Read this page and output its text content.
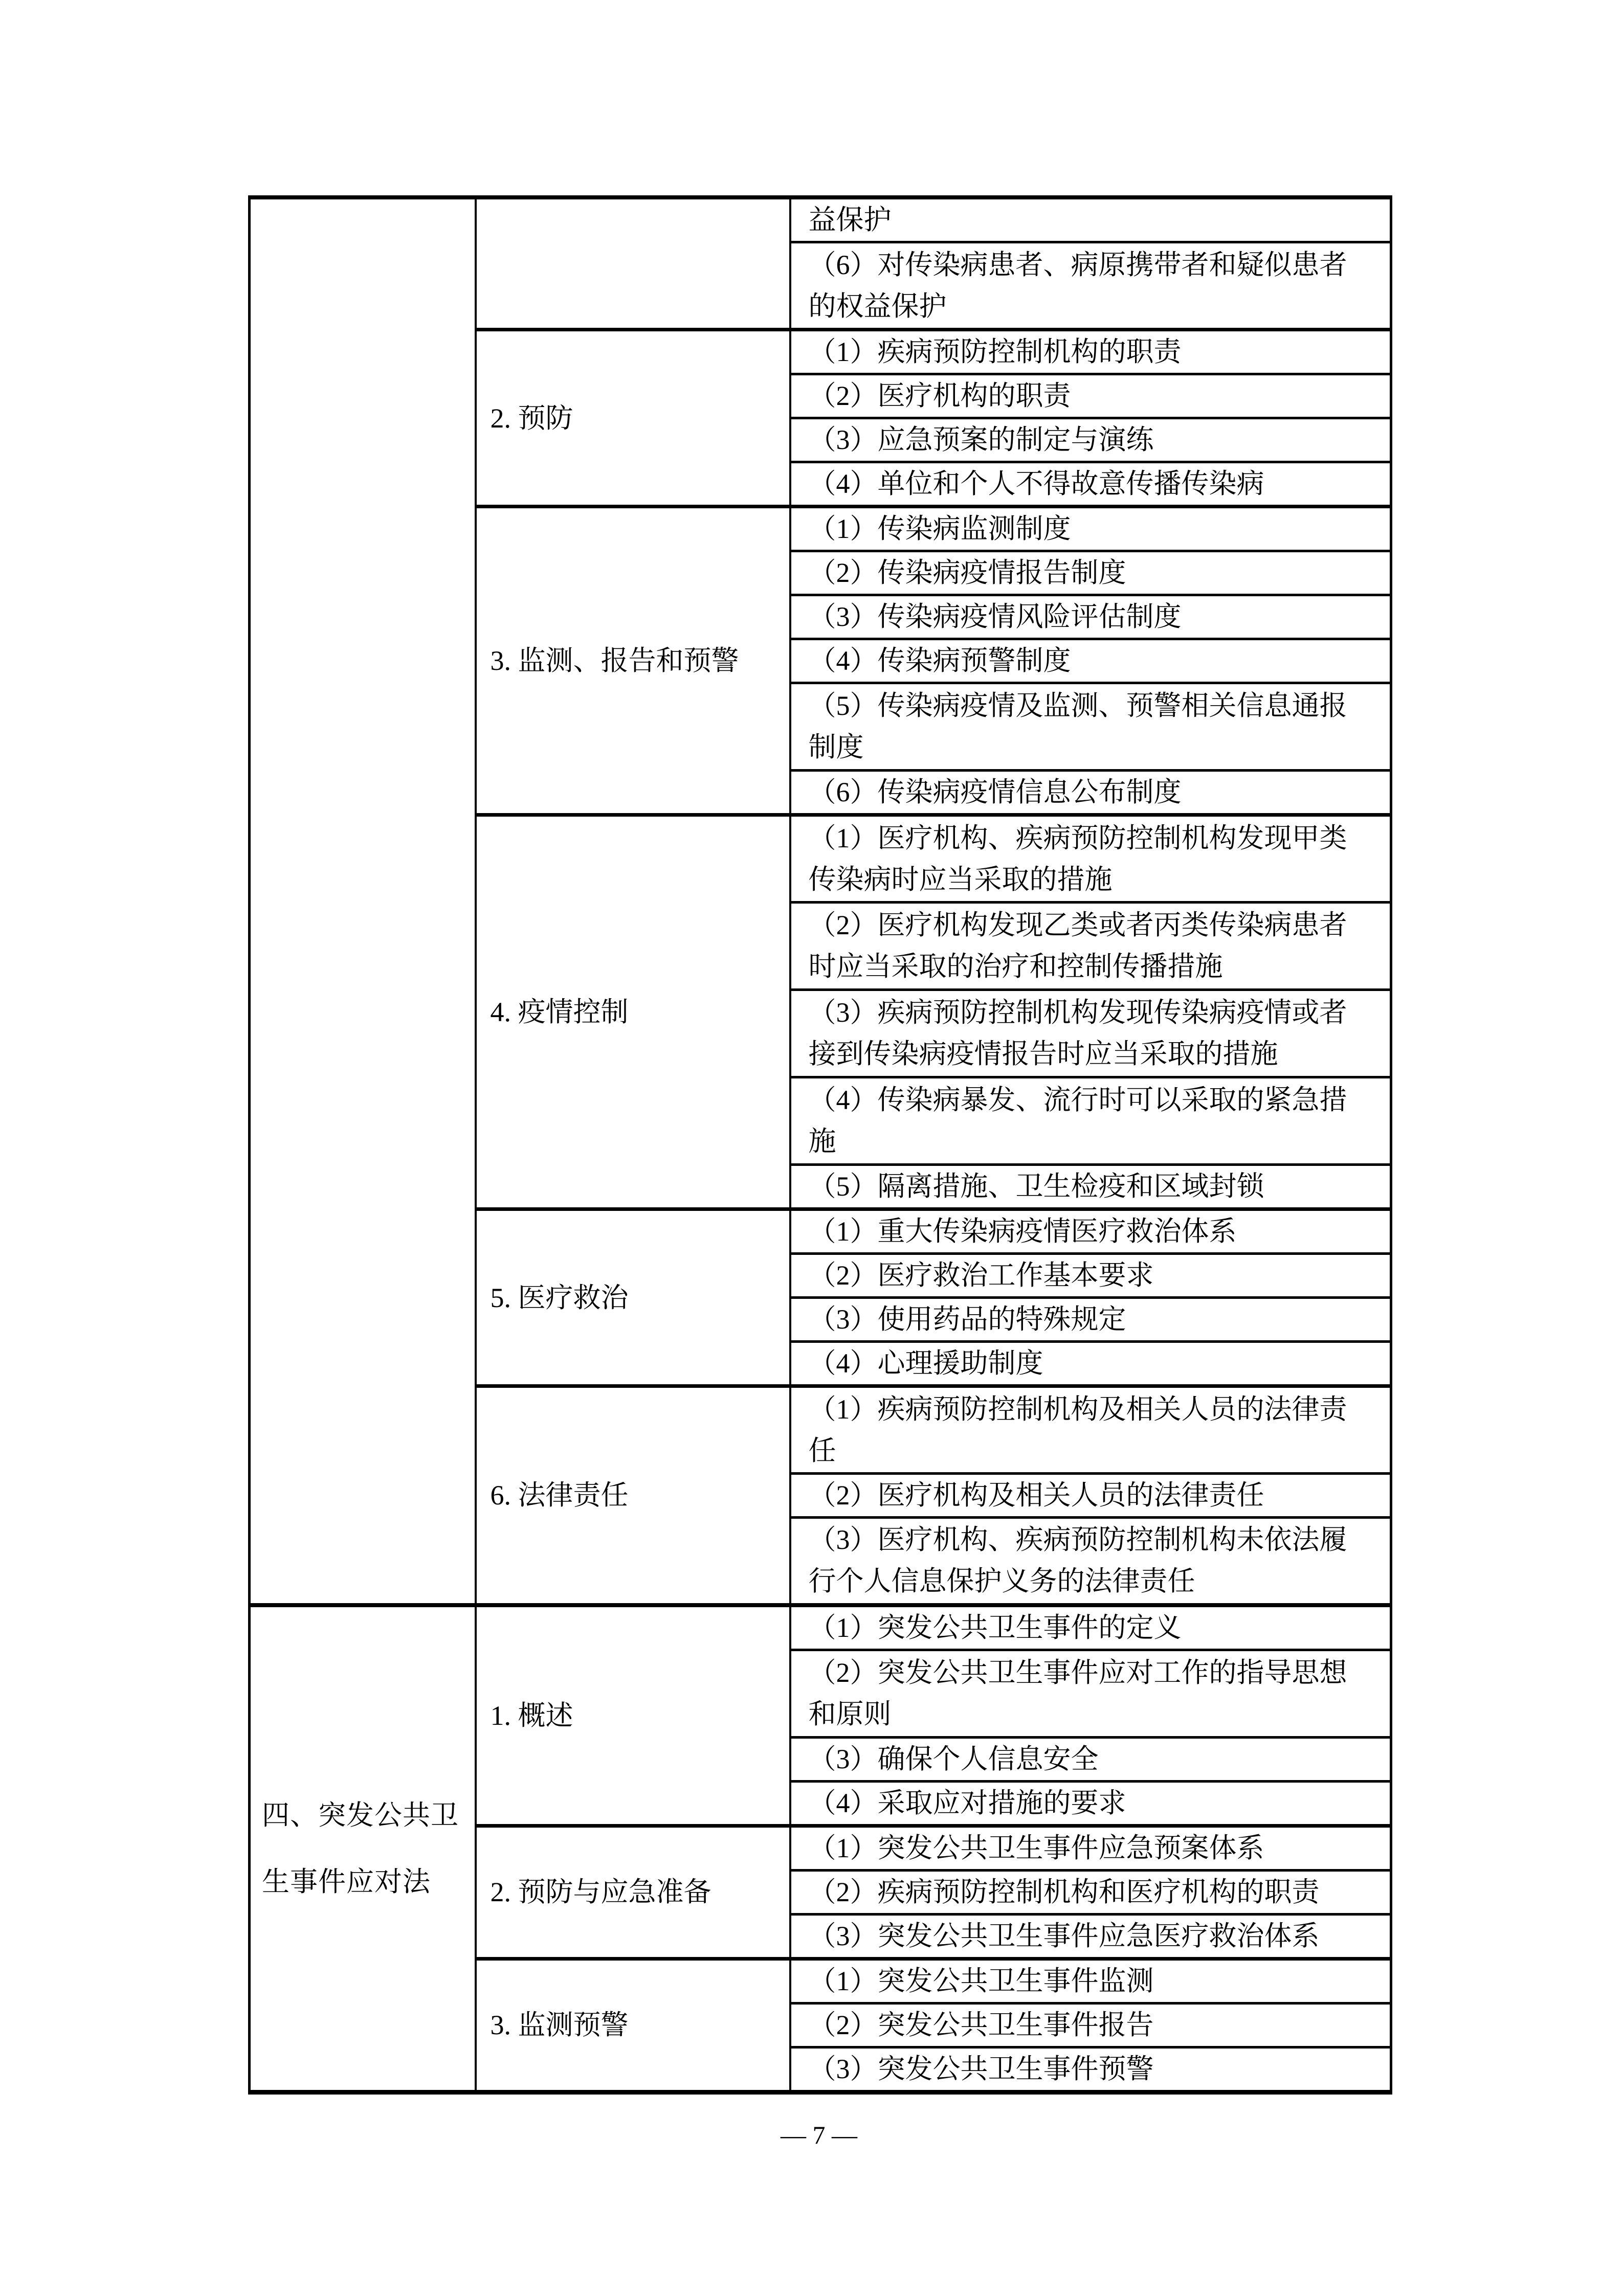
		益保护
		（6）对传染病患者、病原携带者和疑似患者
的权益保护
	2. 预防	（1）疾病预防控制机构的职责
		（2）医疗机构的职责
		（3）应急预案的制定与演练
		（4）单位和个人不得故意传播传染病
	3. 监测、报告和预警	（1）传染病监测制度
		（2）传染病疫情报告制度
		（3）传染病疫情风险评估制度
		（4）传染病预警制度
		（5）传染病疫情及监测、预警相关信息通报
制度
		（6）传染病疫情信息公布制度
	4. 疫情控制	（1）医疗机构、疾病预防控制机构发现甲类
传染病时应当采取的措施
		（2）医疗机构发现乙类或者丙类传染病患者
时应当采取的治疗和控制传播措施
		（3）疾病预防控制机构发现传染病疫情或者
接到传染病疫情报告时应当采取的措施
		（4）传染病暴发、流行时可以采取的紧急措
施
		（5）隔离措施、卫生检疫和区域封锁
	5. 医疗救治	（1）重大传染病疫情医疗救治体系
		（2）医疗救治工作基本要求
		（3）使用药品的特殊规定
		（4）心理援助制度
	6. 法律责任	（1）疾病预防控制机构及相关人员的法律责
任
		（2）医疗机构及相关人员的法律责任
		（3）医疗机构、疾病预防控制机构未依法履
行个人信息保护义务的法律责任
四、突发公共卫
生事件应对法	1. 概述	（1）突发公共卫生事件的定义
		（2）突发公共卫生事件应对工作的指导思想
和原则
		（3）确保个人信息安全
		（4）采取应对措施的要求
	2. 预防与应急准备	（1）突发公共卫生事件应急预案体系
		（2）疾病预防控制机构和医疗机构的职责
		（3）突发公共卫生事件应急医疗救治体系
	3. 监测预警	（1）突发公共卫生事件监测
		（2）突发公共卫生事件报告
		（3）突发公共卫生事件预警
— 7 —
